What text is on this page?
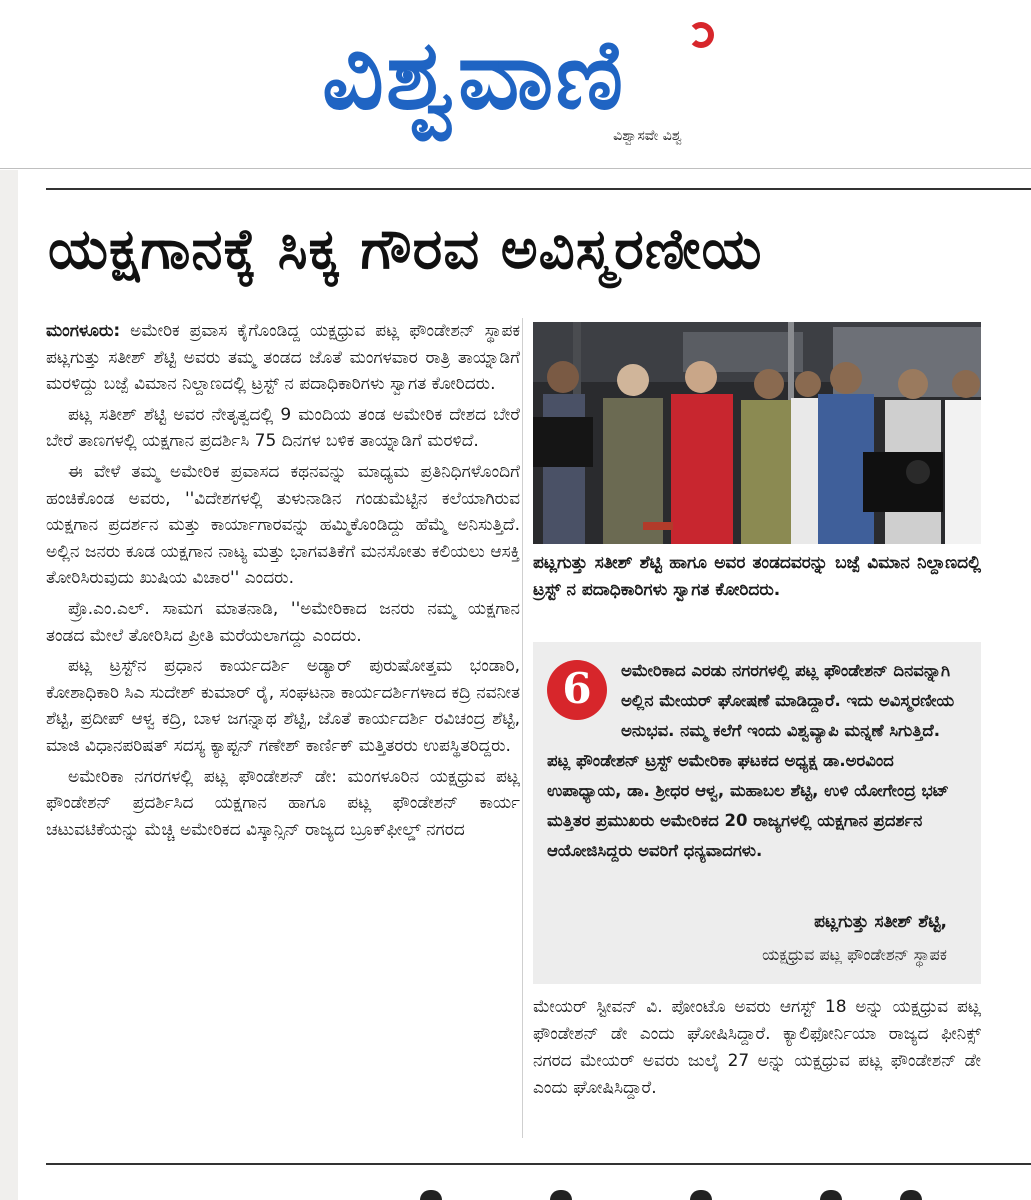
ವಿಶ್ವವಾಣಿ
ವಿಶ್ವಾಸವೇ ವಿಶ್ವ
ಯಕ್ಷಗಾನಕ್ಕೆ ಸಿಕ್ಕ ಗೌರವ ಅವಿಸ್ಮರಣೀಯ

ಮಂಗಳೂರು: ಅಮೇರಿಕ ಪ್ರವಾಸ ಕೈಗೊಂಡಿದ್ದ ಯಕ್ಷಧ್ರುವ ಪಟ್ಲ ಫೌಂಡೇಶನ್ ಸ್ಥಾಪಕ ಪಟ್ಲಗುತ್ತು ಸತೀಶ್ ಶೆಟ್ಟಿ ಅವರು ತಮ್ಮ ತಂಡದ ಜೊತೆ ಮಂಗಳವಾರ ರಾತ್ರಿ ತಾಯ್ನಾಡಿಗೆ ಮರಳಿದ್ದು ಬಜ್ಪೆ ವಿಮಾನ ನಿಲ್ದಾಣದಲ್ಲಿ ಟ್ರಸ್ಟ್ ನ ಪದಾಧಿಕಾರಿಗಳು ಸ್ವಾಗತ ಕೋರಿದರು.

ಪಟ್ಲ ಸತೀಶ್ ಶೆಟ್ಟಿ ಅವರ ನೇತೃತ್ವದಲ್ಲಿ 9 ಮಂದಿಯ ತಂಡ ಅಮೇರಿಕ ದೇಶದ ಬೇರೆ ಬೇರೆ ತಾಣಗಳಲ್ಲಿ ಯಕ್ಷಗಾನ ಪ್ರದರ್ಶಿಸಿ 75 ದಿನಗಳ ಬಳಿಕ ತಾಯ್ನಾಡಿಗೆ ಮರಳಿದೆ.

ಈ ವೇಳೆ ತಮ್ಮ ಅಮೇರಿಕ ಪ್ರವಾಸದ ಕಥನವನ್ನು ಮಾಧ್ಯಮ ಪ್ರತಿನಿಧಿಗಳೊಂದಿಗೆ ಹಂಚಿಕೊಂಡ ಅವರು, ''ವಿದೇಶಗಳಲ್ಲಿ ತುಳುನಾಡಿನ ಗಂಡುಮೆಟ್ಟಿನ ಕಲೆಯಾಗಿರುವ ಯಕ್ಷಗಾನ ಪ್ರದರ್ಶನ ಮತ್ತು ಕಾರ್ಯಾಗಾರವನ್ನು ಹಮ್ಮಿಕೊಂಡಿದ್ದು ಹೆಮ್ಮೆ ಅನಿಸುತ್ತಿದೆ. ಅಲ್ಲಿನ ಜನರು ಕೂಡ ಯಕ್ಷಗಾನ ನಾಟ್ಯ ಮತ್ತು ಭಾಗವತಿಕೆಗೆ ಮನಸೋತು ಕಲಿಯಲು ಆಸಕ್ತಿ ತೋರಿಸಿರುವುದು ಖುಷಿಯ ವಿಚಾರ'' ಎಂದರು.

ಪ್ರೊ.ಎಂ.ಎಲ್. ಸಾಮಗ ಮಾತನಾಡಿ, ''ಅಮೇರಿಕಾದ ಜನರು ನಮ್ಮ ಯಕ್ಷಗಾನ ತಂಡದ ಮೇಲೆ ತೋರಿಸಿದ ಪ್ರೀತಿ ಮರೆಯಲಾಗದ್ದು ಎಂದರು.

ಪಟ್ಲ ಟ್ರಸ್ಟ್‌ನ ಪ್ರಧಾನ ಕಾರ್ಯದರ್ಶಿ ಅಡ್ಯಾರ್ ಪುರುಷೋತ್ತಮ ಭಂಡಾರಿ, ಕೋಶಾಧಿಕಾರಿ ಸಿಎ ಸುದೇಶ್ ಕುಮಾರ್ ರೈ, ಸಂಘಟನಾ ಕಾರ್ಯದರ್ಶಿಗಳಾದ ಕದ್ರಿ ನವನೀತ ಶೆಟ್ಟಿ, ಪ್ರದೀಪ್ ಆಳ್ವ ಕದ್ರಿ, ಬಾಳ ಜಗನ್ನಾಥ ಶೆಟ್ಟಿ, ಜೊತೆ ಕಾರ್ಯದರ್ಶಿ ರವಿಚಂದ್ರ ಶೆಟ್ಟಿ, ಮಾಜಿ ವಿಧಾನಪರಿಷತ್ ಸದಸ್ಯ ಕ್ಯಾಪ್ಟನ್ ಗಣೇಶ್ ಕಾರ್ಣಿಕ್ ಮತ್ತಿತರರು ಉಪಸ್ಥಿತರಿದ್ದರು.

ಅಮೇರಿಕಾ ನಗರಗಳಲ್ಲಿ ಪಟ್ಲ ಫೌಂಡೇಶನ್ ಡೇ: ಮಂಗಳೂರಿನ ಯಕ್ಷಧ್ರುವ ಪಟ್ಲ ಫೌಂಡೇಶನ್ ಪ್ರದರ್ಶಿಸಿದ ಯಕ್ಷಗಾನ ಹಾಗೂ ಪಟ್ಲ ಫೌಂಡೇಶನ್ ಕಾರ್ಯ ಚಟುವಟಿಕೆಯನ್ನು ಮೆಚ್ಚಿ ಅಮೇರಿಕದ ವಿಸ್ಕಾನ್ಸಿನ್ ರಾಜ್ಯದ ಬ್ರೂಕ್‌ಫೀಲ್ಡ್ ನಗರದ

ಪಟ್ಲಗುತ್ತು ಸತೀಶ್ ಶೆಟ್ಟಿ ಹಾಗೂ ಅವರ ತಂಡದವರನ್ನು ಬಜ್ಪೆ ವಿಮಾನ ನಿಲ್ದಾಣದಲ್ಲಿ ಟ್ರಸ್ಟ್ ನ ಪದಾಧಿಕಾರಿಗಳು ಸ್ವಾಗತ ಕೋರಿದರು.

6	ಅಮೇರಿಕಾದ ಎರಡು ನಗರಗಳಲ್ಲಿ ಪಟ್ಲ ಫೌಂಡೇಶನ್ ದಿನವನ್ನಾಗಿ ಅಲ್ಲಿನ ಮೇಯರ್ ಘೋಷಣೆ ಮಾಡಿದ್ದಾರೆ. ಇದು ಅವಿಸ್ಮರಣೀಯ ಅನುಭವ. ನಮ್ಮ ಕಲೆಗೆ ಇಂದು ವಿಶ್ವವ್ಯಾಪಿ ಮನ್ನಣೆ ಸಿಗುತ್ತಿದೆ. ಪಟ್ಲ ಫೌಂಡೇಶನ್ ಟ್ರಸ್ಟ್ ಅಮೇರಿಕಾ ಘಟಕದ ಅಧ್ಯಕ್ಷ ಡಾ.ಅರವಿಂದ ಉಪಾಧ್ಯಾಯ, ಡಾ. ಶ್ರೀಧರ ಆಳ್ವ, ಮಹಾಬಲ ಶೆಟ್ಟಿ, ಉಳಿ ಯೋಗೇಂದ್ರ ಭಟ್ ಮತ್ತಿತರ ಪ್ರಮುಖರು ಅಮೇರಿಕದ 20 ರಾಜ್ಯಗಳಲ್ಲಿ ಯಕ್ಷಗಾನ ಪ್ರದರ್ಶನ ಆಯೋಜಿಸಿದ್ದರು ಅವರಿಗೆ ಧನ್ಯವಾದಗಳು.

ಪಟ್ಲಗುತ್ತು ಸತೀಶ್ ಶೆಟ್ಟಿ,
ಯಕ್ಷಧ್ರುವ ಪಟ್ಲ ಫೌಂಡೇಶನ್ ಸ್ಥಾಪಕ

ಮೇಯರ್ ಸ್ಟೀವನ್ ವಿ. ಪೋಂಟೊ ಅವರು ಆಗಸ್ಟ್ 18 ಅನ್ನು ಯಕ್ಷಧ್ರುವ ಪಟ್ಲ ಫೌಂಡೇಶನ್ ಡೇ ಎಂದು ಘೋಷಿಸಿದ್ದಾರೆ. ಕ್ಯಾಲಿಫೋರ್ನಿಯಾ ರಾಜ್ಯದ ಫೀನಿಕ್ಸ್ ನಗರದ ಮೇಯರ್ ಅವರು ಜುಲೈ 27 ಅನ್ನು ಯಕ್ಷಧ್ರುವ ಪಟ್ಲ ಫೌಂಡೇಶನ್ ಡೇ ಎಂದು ಘೋಷಿಸಿದ್ದಾರೆ.
